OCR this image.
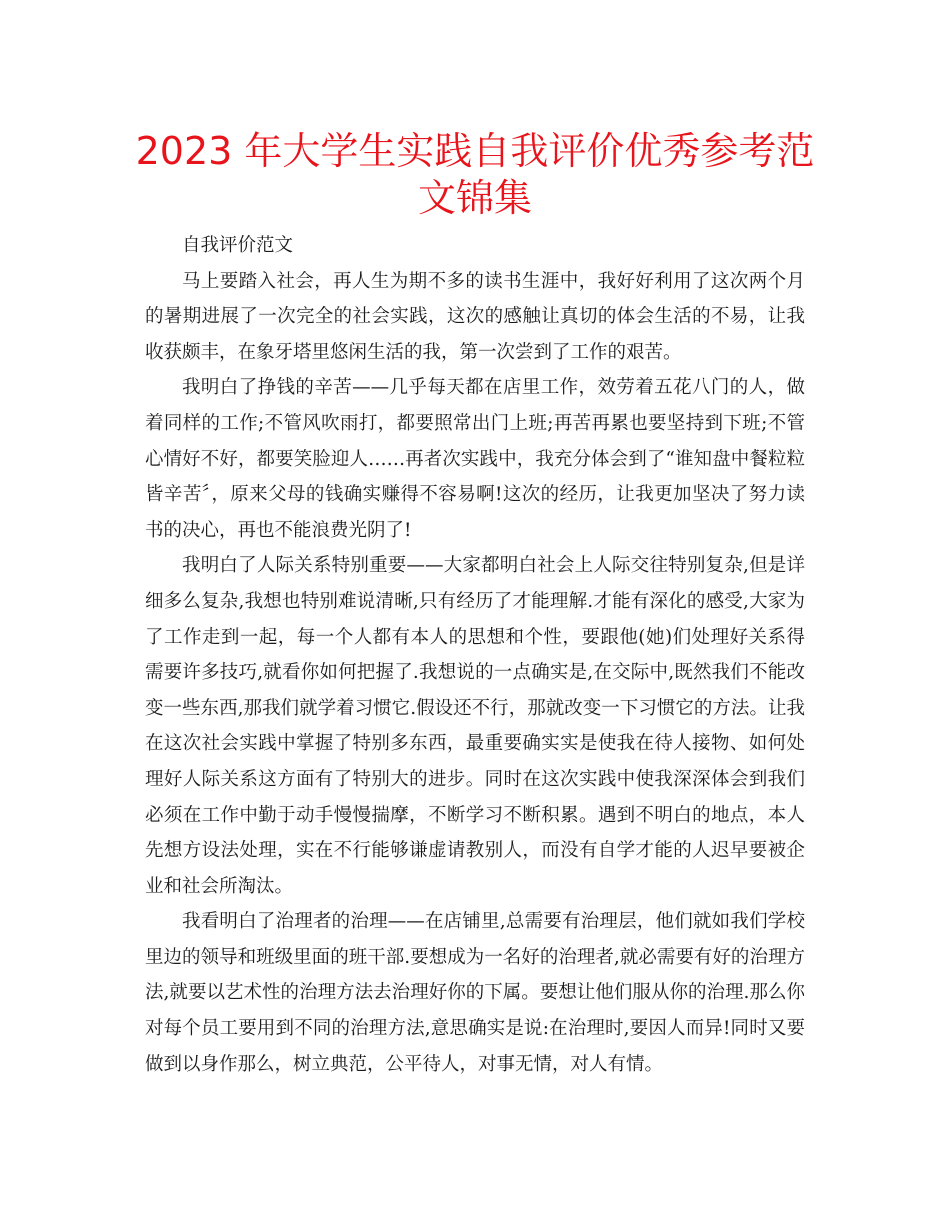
2023 年大学生实践自我评价优秀参考范文锦集

自我评价范文

马上要踏入社会，再人生为期不多的读书生涯中，我好好利用了这次两个月的暑期进展了一次完全的社会实践，这次的感触让真切的体会生活的不易，让我收获颇丰，在象牙塔里悠闲生活的我，第一次尝到了工作的艰苦。

我明白了挣钱的辛苦——几乎每天都在店里工作，效劳着五花八门的人，做着同样的工作;不管风吹雨打，都要照常出门上班;再苦再累也要坚持到下班;不管心情好不好，都要笑脸迎人……再者次实践中，我充分体会到了“谁知盘中餐粒粒皆辛苦〞，原来父母的钱确实赚得不容易啊!这次的经历，让我更加坚决了努力读书的决心，再也不能浪费光阴了!

我明白了人际关系特别重要——大家都明白社会上人际交往特别复杂,但是详细多么复杂,我想也特别难说清晰,只有经历了才能理解.才能有深化的感受,大家为了工作走到一起，每一个人都有本人的思想和个性，要跟他(她)们处理好关系得需要许多技巧,就看你如何把握了.我想说的一点确实是,在交际中,既然我们不能改变一些东西,那我们就学着习惯它.假设还不行，那就改变一下习惯它的方法。让我在这次社会实践中掌握了特别多东西，最重要确实实是使我在待人接物、如何处理好人际关系这方面有了特别大的进步。同时在这次实践中使我深深体会到我们必须在工作中勤于动手慢慢揣摩，不断学习不断积累。遇到不明白的地点，本人先想方设法处理，实在不行能够谦虚请教别人，而没有自学才能的人迟早要被企业和社会所淘汰。

我看明白了治理者的治理——在店铺里,总需要有治理层，他们就如我们学校里边的领导和班级里面的班干部.要想成为一名好的治理者,就必需要有好的治理方法,就要以艺术性的治理方法去治理好你的下属。要想让他们服从你的治理.那么你对每个员工要用到不同的治理方法,意思确实是说:在治理时,要因人而异!同时又要做到以身作那么，树立典范，公平待人，对事无情，对人有情。
